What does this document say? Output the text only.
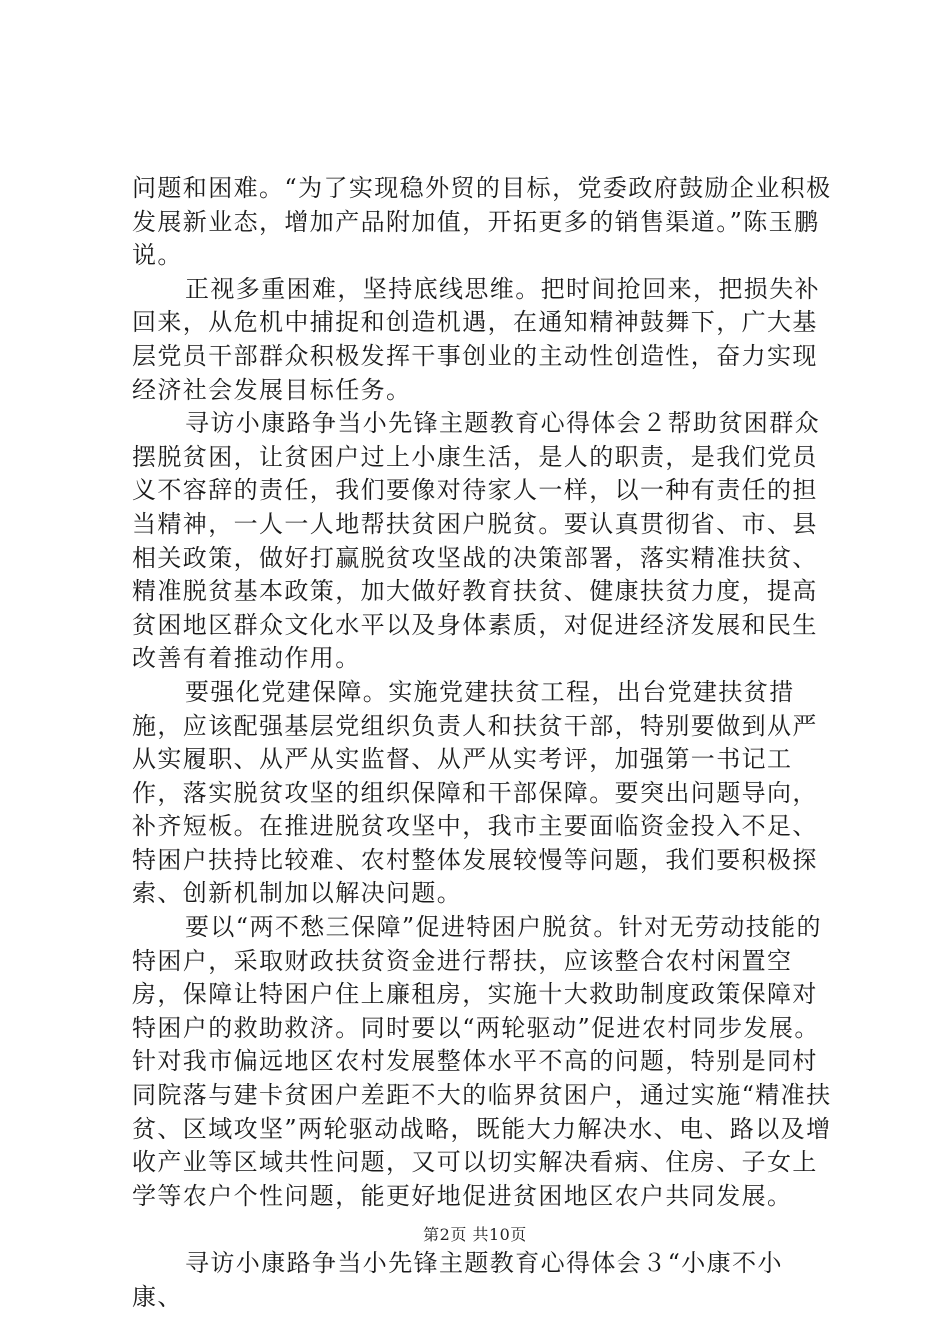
问题和困难。“为了实现稳外贸的目标，党委政府鼓励企业积极发展新业态，增加产品附加值，开拓更多的销售渠道。”陈玉鹏说。

正视多重困难，坚持底线思维。把时间抢回来，把损失补回来，从危机中捕捉和创造机遇，在通知精神鼓舞下，广大基层党员干部群众积极发挥干事创业的主动性创造性，奋力实现经济社会发展目标任务。

寻访小康路争当小先锋主题教育心得体会２帮助贫困群众摆脱贫困，让贫困户过上小康生活，是人的职责，是我们党员义不容辞的责任，我们要像对待家人一样，以一种有责任的担当精神，一人一人地帮扶贫困户脱贫。要认真贯彻省、市、县相关政策，做好打赢脱贫攻坚战的决策部署，落实精准扶贫、精准脱贫基本政策，加大做好教育扶贫、健康扶贫力度，提高贫困地区群众文化水平以及身体素质，对促进经济发展和民生改善有着推动作用。

要强化党建保障。实施党建扶贫工程，出台党建扶贫措施，应该配强基层党组织负责人和扶贫干部，特别要做到从严从实履职、从严从实监督、从严从实考评，加强第一书记工作，落实脱贫攻坚的组织保障和干部保障。要突出问题导向，补齐短板。在推进脱贫攻坚中，我市主要面临资金投入不足、特困户扶持比较难、农村整体发展较慢等问题，我们要积极探索、创新机制加以解决问题。

要以“两不愁三保障”促进特困户脱贫。针对无劳动技能的特困户，采取财政扶贫资金进行帮扶，应该整合农村闲置空房，保障让特困户住上廉租房，实施十大救助制度政策保障对特困户的救助救济。同时要以“两轮驱动”促进农村同步发展。针对我市偏远地区农村发展整体水平不高的问题，特别是同村同院落与建卡贫困户差距不大的临界贫困户，通过实施“精准扶贫、区域攻坚”两轮驱动战略，既能大力解决水、电、路以及增收产业等区域共性问题，又可以切实解决看病、住房、子女上学等农户个性问题，能更好地促进贫困地区农户共同发展。

寻访小康路争当小先锋主题教育心得体会３“小康不小康、

第2页 共10页
